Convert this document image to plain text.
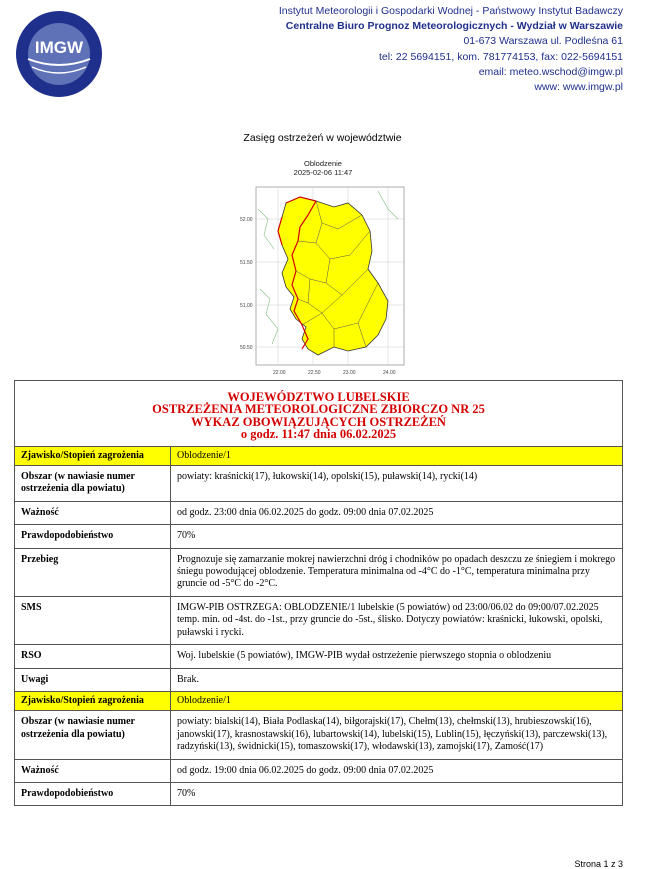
IMGW
Instytut Meteorologii i Gospodarki Wodnej - Państwowy Instytut Badawczy
Centralne Biuro Prognoz Meteorologicznych - Wydział w Warszawie
01-673 Warszawa ul. Podleśna 61
tel: 22 5694151, kom. 781774153, fax: 022-5694151
email: meteo.wschod@imgw.pl
www: www.imgw.pl
Zasięg ostrzeżeń w województwie
Oblodzenie
2025-02-06 11:47
52.00
51.50
51.00
50.50
22.00	22.50	23.00	24.00
WOJEWÓDZTWO LUBELSKIE
OSTRZEŻENIA METEOROLOGICZNE ZBIORCZO NR 25
WYKAZ OBOWIĄZUJĄCYCH OSTRZEŻEŃ
o godz. 11:47 dnia 06.02.2025	

Zjawisko/Stopień zagrożenia	Oblodzenie/1
Obszar (w nawiasie numer ostrzeżenia dla powiatu)	powiaty: kraśnicki(17), łukowski(14), opolski(15), puławski(14), rycki(14)
Ważność	od godz. 23:00 dnia 06.02.2025 do godz. 09:00 dnia 07.02.2025
Prawdopodobieństwo	70%
Przebieg	Prognozuje się zamarzanie mokrej nawierzchni dróg i chodników po opadach deszczu ze śniegiem i mokrego śniegu powodującej oblodzenie. Temperatura minimalna od -4°C do -1°C, temperatura minimalna przy gruncie od -5°C do -2°C.
SMS	IMGW-PIB OSTRZEGA: OBLODZENIE/1 lubelskie (5 powiatów) od 23:00/06.02 do 09:00/07.02.2025 temp. min. od -4st. do -1st., przy gruncie do -5st., ślisko. Dotyczy powiatów: kraśnicki, łukowski, opolski, puławski i rycki.
RSO	Woj. lubelskie (5 powiatów), IMGW-PIB wydał ostrzeżenie pierwszego stopnia o oblodzeniu
Uwagi	Brak.
Zjawisko/Stopień zagrożenia	Oblodzenie/1
Obszar (w nawiasie numer ostrzeżenia dla powiatu)	powiaty: bialski(14), Biała Podlaska(14), biłgorajski(17), Chełm(13), chełmski(13), hrubieszowski(16), janowski(17), krasnostawski(16), lubartowski(14), lubelski(15), Lublin(15), łęczyński(13), parczewski(13), radzyński(13), świdnicki(15), tomaszowski(17), włodawski(13), zamojski(17), Zamość(17)
Ważność	od godz. 19:00 dnia 06.02.2025 do godz. 09:00 dnia 07.02.2025
Prawdopodobieństwo	70%
Strona 1 z 3
